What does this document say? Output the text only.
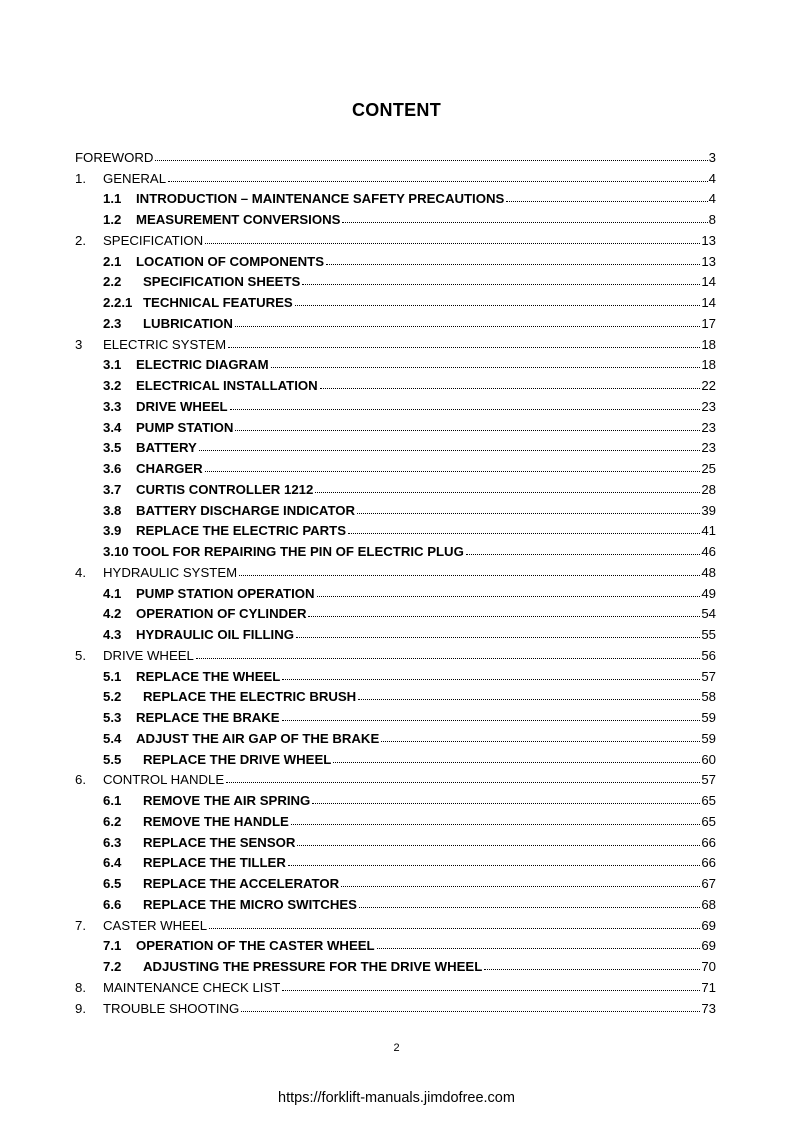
CONTENT
FOREWORD	3
1.	GENERAL	4
1.1	INTRODUCTION – MAINTENANCE SAFETY PRECAUTIONS	4
1.2	MEASUREMENT CONVERSIONS	8
2.	SPECIFICATION	13
2.1	LOCATION OF COMPONENTS	13
2.2	SPECIFICATION SHEETS	14
2.2.1 TECHNICAL FEATURES	14
2.3	LUBRICATION	17
3	ELECTRIC SYSTEM	18
3.1	ELECTRIC DIAGRAM	18
3.2	ELECTRICAL INSTALLATION	22
3.3	DRIVE WHEEL	23
3.4	PUMP STATION	23
3.5	BATTERY	23
3.6	CHARGER	25
3.7	CURTIS CONTROLLER 1212	28
3.8	BATTERY DISCHARGE INDICATOR	39
3.9	REPLACE THE ELECTRIC PARTS	41
3.10 TOOL FOR REPAIRING THE PIN OF ELECTRIC PLUG	46
4.	HYDRAULIC SYSTEM	48
4.1	PUMP STATION OPERATION	49
4.2	OPERATION OF CYLINDER	54
4.3	HYDRAULIC OIL FILLING	55
5.	DRIVE WHEEL	56
5.1	REPLACE THE WHEEL	57
5.2	REPLACE THE ELECTRIC BRUSH	58
5.3	REPLACE THE BRAKE	59
5.4	ADJUST THE AIR GAP OF THE BRAKE	59
5.5	REPLACE THE DRIVE WHEEL	60
6.	CONTROL HANDLE	57
6.1	REMOVE THE AIR SPRING	65
6.2	REMOVE THE HANDLE	65
6.3	REPLACE THE SENSOR	66
6.4	REPLACE THE TILLER	66
6.5	REPLACE THE ACCELERATOR	67
6.6	REPLACE THE MICRO SWITCHES	68
7.	CASTER WHEEL	69
7.1	OPERATION OF THE CASTER WHEEL	69
7.2	ADJUSTING THE PRESSURE FOR THE DRIVE WHEEL	70
8.	MAINTENANCE CHECK LIST	71
9.	TROUBLE SHOOTING	73
2
https://forklift-manuals.jimdofree.com
